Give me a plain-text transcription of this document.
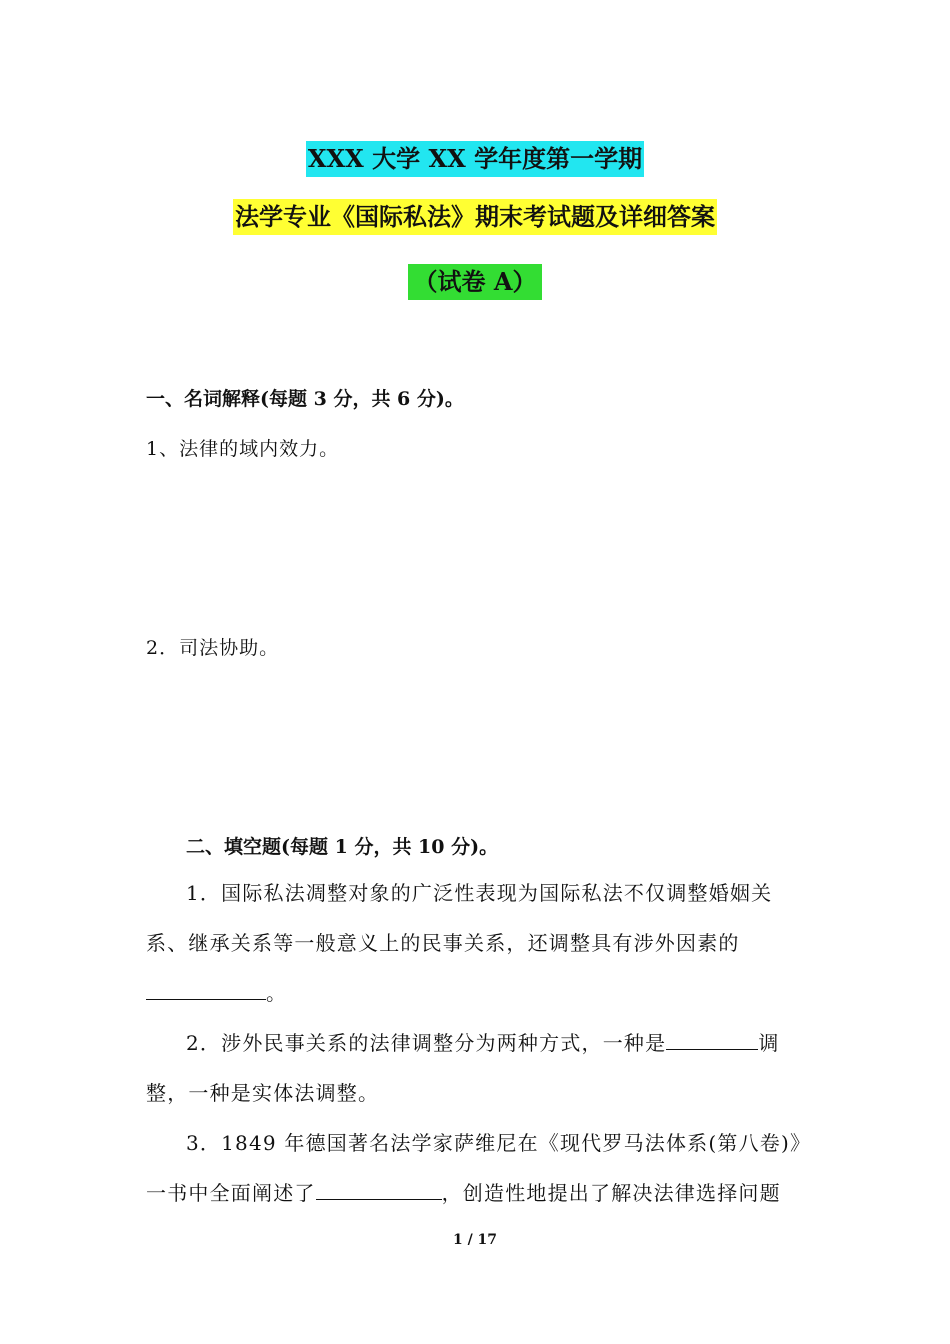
XXX 大学 XX 学年度第一学期
法学专业《国际私法》期末考试题及详细答案
（试卷 A）
一、名词解释(每题 3 分，共 6 分)。
1、法律的域内效力。
2．司法协助。
二、填空题(每题 1 分，共 10 分)。

1．国际私法凋整对象的广泛性表现为国际私法不仅调整婚姻关系、继承关系等一般意义上的民事关系，还调整具有涉外因素的。

2．涉外民事关系的法律调整分为两种方式，一种是	调整，一种是实体法调整。

3．1849 年德国著名法学家萨维尼在《现代罗马法体系(第八卷)》一书中全面阐述了	，创造性地提出了解决法律选择问题

1 / 17
